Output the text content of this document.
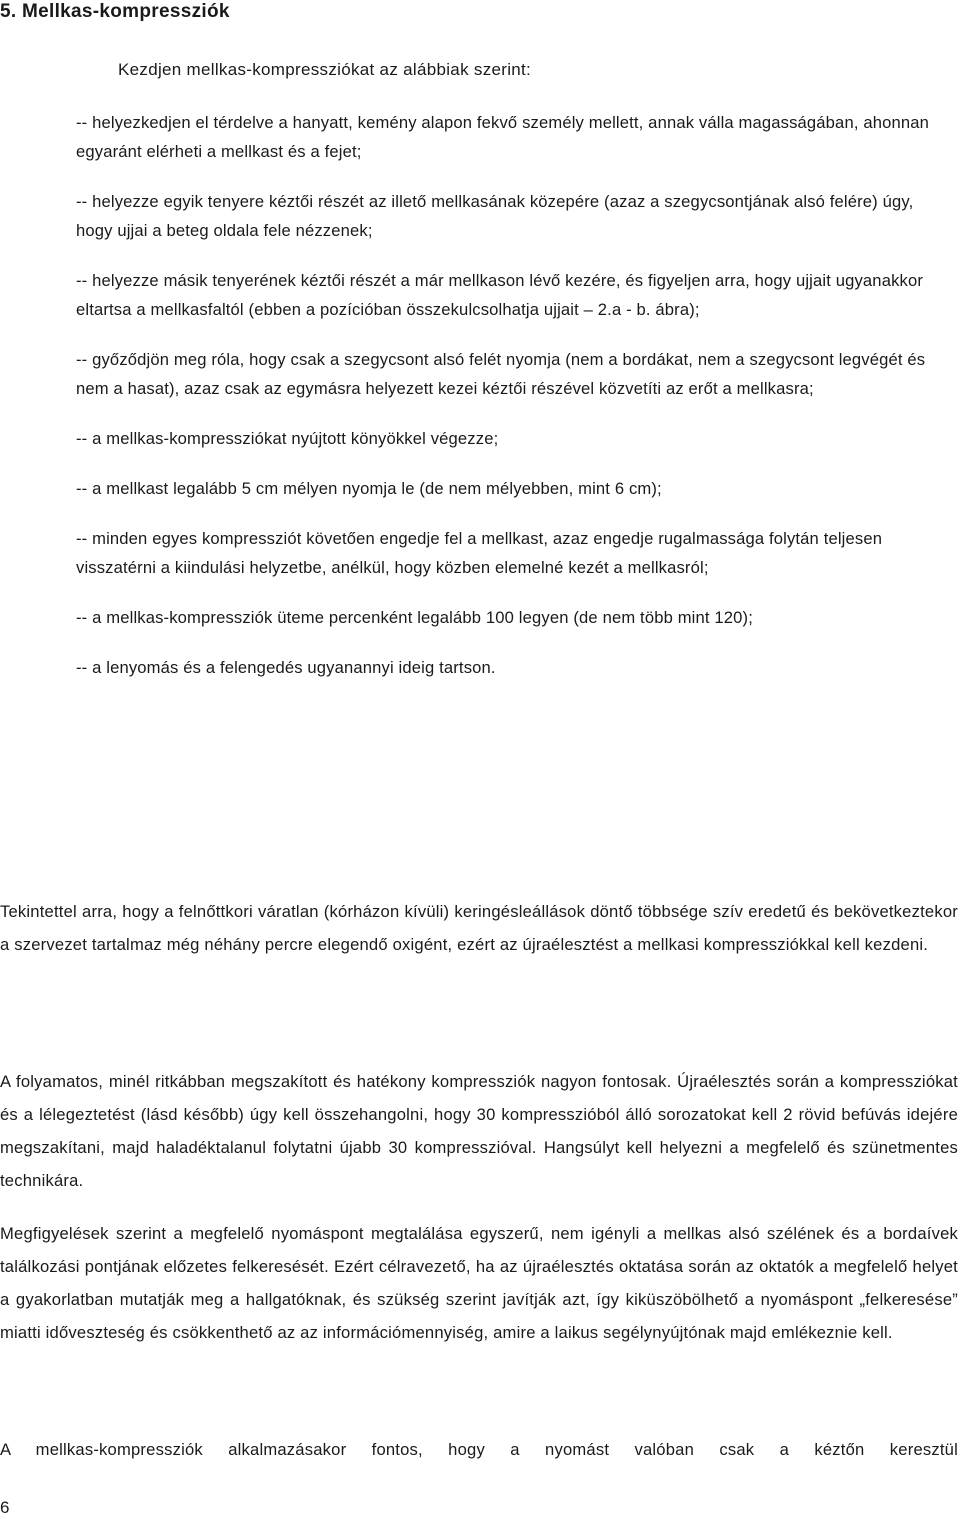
5. Mellkas-kompressziók
Kezdjen mellkas-kompressziókat az alábbiak szerint:
-- helyezkedjen el térdelve a hanyatt, kemény alapon fekvő személy mellett, annak válla magasságában, ahonnan egyaránt elérheti a mellkast és a fejet;
-- helyezze egyik tenyere kéztői részét az illető mellkasának közepére (azaz a szegycsontjának alsó felére) úgy, hogy ujjai a beteg oldala fele nézzenek;
-- helyezze másik tenyerének kéztői részét a már mellkason lévő kezére, és figyeljen arra, hogy ujjait ugyanakkor eltartsa a mellkasfaltól (ebben a pozícióban összekulcsolhatja ujjait – 2.a - b. ábra);
-- győződjön meg róla, hogy csak a szegycsont alsó felét nyomja (nem a bordákat, nem a szegycsont legvégét és nem a hasat), azaz csak az egymásra helyezett kezei kéztői részével közvetíti az erőt a mellkasra;
-- a mellkas-kompressziókat nyújtott könyökkel végezze;
-- a mellkast legalább 5 cm mélyen nyomja le (de nem mélyebben, mint 6 cm);
-- minden egyes kompressziót követően engedje fel a mellkast, azaz engedje rugalmassága folytán teljesen visszatérni a kiindulási helyzetbe, anélkül, hogy közben elemelné kezét a mellkasról;
-- a mellkas-kompressziók üteme percenként legalább 100 legyen (de nem több mint 120);
-- a lenyomás és a felengedés ugyanannyi ideig tartson.

Tekintettel arra, hogy a felnőttkori váratlan (kórházon kívüli) keringésleállások döntő többsége szív eredetű és bekövetkeztekor a szervezet tartalmaz még néhány percre elegendő oxigént, ezért az újraélesztést a mellkasi kompressziókkal kell kezdeni.

A folyamatos, minél ritkábban megszakított és hatékony kompressziók nagyon fontosak. Újraélesztés során a kompressziókat és a lélegeztetést (lásd később) úgy kell összehangolni, hogy 30 kompresszióból álló sorozatokat kell 2 rövid befúvás idejére megszakítani, majd haladéktalanul folytatni újabb 30 kompresszióval. Hangsúlyt kell helyezni a megfelelő és szünetmentes technikára.

Megfigyelések szerint a megfelelő nyomáspont megtalálása egyszerű, nem igényli a mellkas alsó szélének és a bordaívek találkozási pontjának előzetes felkeresését. Ezért célravezető, ha az újraélesztés oktatása során az oktatók a megfelelő helyet a gyakorlatban mutatják meg a hallgatóknak, és szükség szerint javítják azt, így kiküszöbölhető a nyomáspont „felkeresése” miatti időveszteség és csökkenthető az az információmennyiség, amire a laikus segélynyújtónak majd emlékeznie kell.

A mellkas-kompressziók alkalmazásakor fontos, hogy a nyomást valóban csak a kéztőn keresztül

6
